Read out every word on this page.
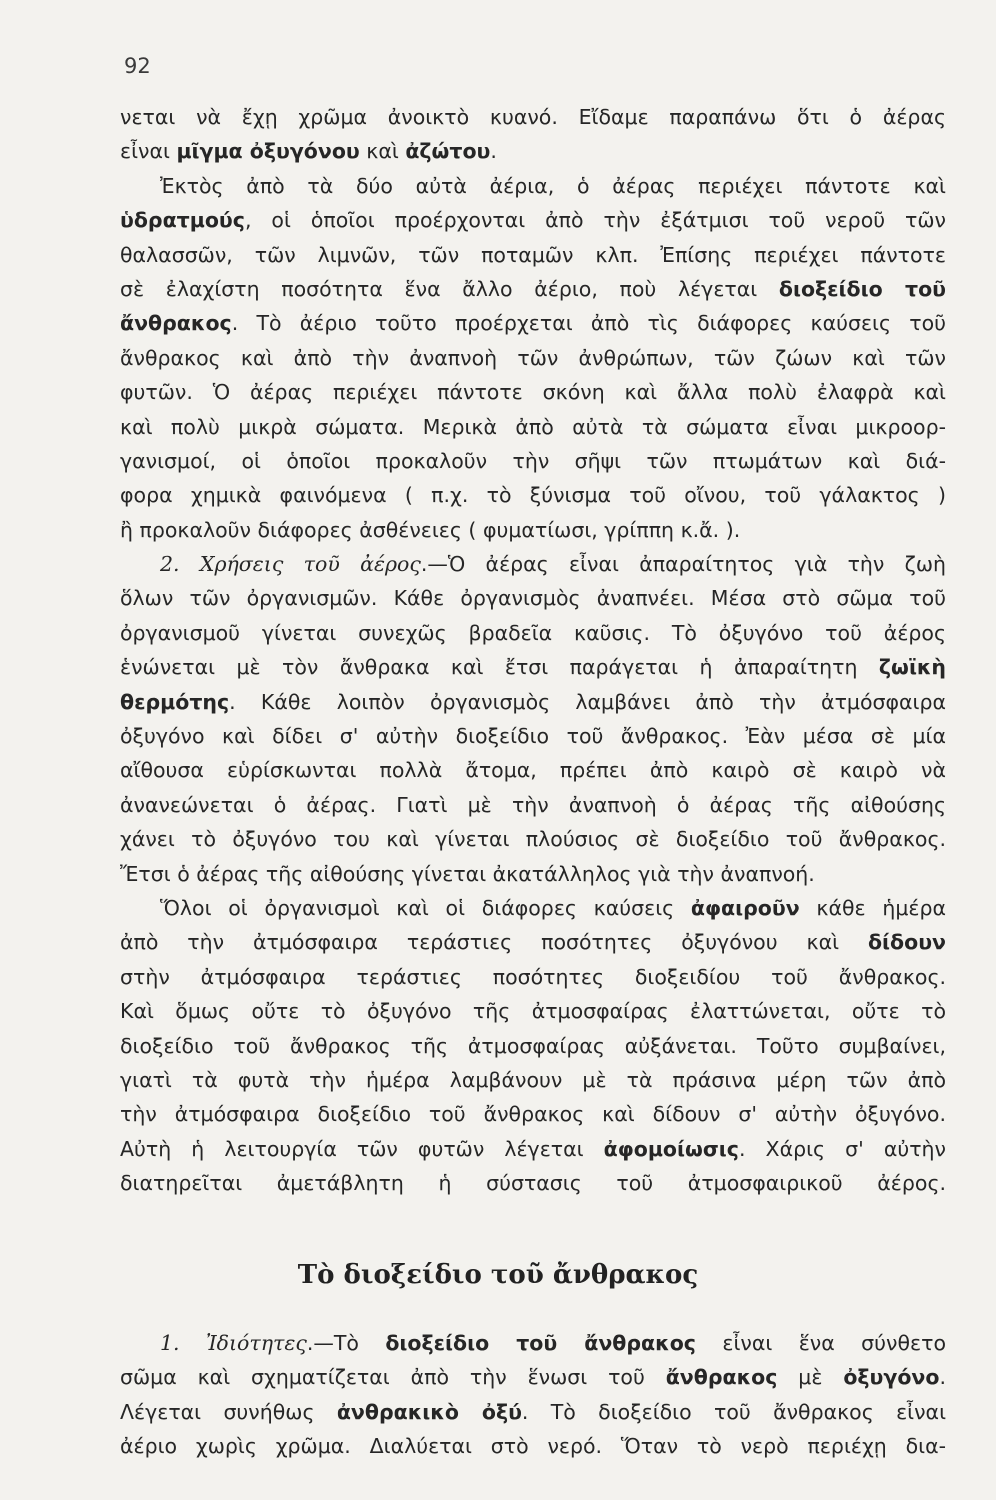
92
νεται νὰ ἔχῃ χρῶμα ἀνοικτὸ κυανό. Εἴδαμε παραπάνω ὅτι ὁ ἀέρας
εἶναι μῖγμα ὀξυγόνου καὶ ἀζώτου.
Ἐκτὸς ἀπὸ τὰ δύο αὐτὰ ἀέρια, ὁ ἀέρας περιέχει πάντοτε καὶ
ὑδρατμούς, οἱ ὁποῖοι προέρχονται ἀπὸ τὴν ἐξάτμισι τοῦ νεροῦ τῶν
θαλασσῶν, τῶν λιμνῶν, τῶν ποταμῶν κλπ. Ἐπίσης περιέχει πάντοτε
σὲ ἐλαχίστη ποσότητα ἕνα ἄλλο ἀέριο, ποὺ λέγεται διοξείδιο τοῦ
ἄνθρακος. Τὸ ἀέριο τοῦτο προέρχεται ἀπὸ τὶς διάφορες καύσεις τοῦ
ἄνθρακος καὶ ἀπὸ τὴν ἀναπνοὴ τῶν ἀνθρώπων, τῶν ζώων καὶ τῶν
φυτῶν. Ὁ ἀέρας περιέχει πάντοτε σκόνη καὶ ἄλλα πολὺ ἐλαφρὰ καὶ
καὶ πολὺ μικρὰ σώματα. Μερικὰ ἀπὸ αὐτὰ τὰ σώματα εἶναι μικροορ-
γανισμοί, οἱ ὁποῖοι προκαλοῦν τὴν σῆψι τῶν πτωμάτων καὶ διά-
φορα χημικὰ φαινόμενα ( π.χ. τὸ ξύνισμα τοῦ οἴνου, τοῦ γάλακτος )
ἢ προκαλοῦν διάφορες ἀσθένειες ( φυματίωσι, γρίππη κ.ἄ. ).
2. Χρήσεις τοῦ ἀέρος.—Ὁ ἀέρας εἶναι ἀπαραίτητος γιὰ τὴν ζωὴ
ὅλων τῶν ὀργανισμῶν. Κάθε ὀργανισμὸς ἀναπνέει. Μέσα στὸ σῶμα τοῦ
ὀργανισμοῦ γίνεται συνεχῶς βραδεῖα καῦσις. Τὸ ὀξυγόνο τοῦ ἀέρος
ἑνώνεται μὲ τὸν ἄνθρακα καὶ ἔτσι παράγεται ἡ ἀπαραίτητη ζωϊκὴ
θερμότης. Κάθε λοιπὸν ὀργανισμὸς λαμβάνει ἀπὸ τὴν ἀτμόσφαιρα
ὀξυγόνο καὶ δίδει σ' αὐτὴν διοξείδιο τοῦ ἄνθρακος. Ἐὰν μέσα σὲ μία
αἴθουσα εὑρίσκωνται πολλὰ ἄτομα, πρέπει ἀπὸ καιρὸ σὲ καιρὸ νὰ
ἀνανεώνεται ὁ ἀέρας. Γιατὶ μὲ τὴν ἀναπνοὴ ὁ ἀέρας τῆς αἰθούσης
χάνει τὸ ὀξυγόνο του καὶ γίνεται πλούσιος σὲ διοξείδιο τοῦ ἄνθρακος.
Ἔτσι ὁ ἀέρας τῆς αἰθούσης γίνεται ἀκατάλληλος γιὰ τὴν ἀναπνοή.
Ὅλοι οἱ ὀργανισμοὶ καὶ οἱ διάφορες καύσεις ἀφαιροῦν κάθε ἡμέρα
ἀπὸ τὴν ἀτμόσφαιρα τεράστιες ποσότητες ὀξυγόνου καὶ δίδουν
στὴν ἀτμόσφαιρα τεράστιες ποσότητες διοξειδίου τοῦ ἄνθρακος.
Καὶ ὅμως οὔτε τὸ ὀξυγόνο τῆς ἀτμοσφαίρας ἐλαττώνεται, οὔτε τὸ
διοξείδιο τοῦ ἄνθρακος τῆς ἀτμοσφαίρας αὐξάνεται. Τοῦτο συμβαίνει,
γιατὶ τὰ φυτὰ τὴν ἡμέρα λαμβάνουν μὲ τὰ πράσινα μέρη τῶν ἀπὸ
τὴν ἀτμόσφαιρα διοξείδιο τοῦ ἄνθρακος καὶ δίδουν σ' αὐτὴν ὀξυγόνο.
Αὐτὴ ἡ λειτουργία τῶν φυτῶν λέγεται ἀφομοίωσις. Χάρις σ' αὐτὴν
διατηρεῖται ἀμετάβλητη ἡ σύστασις τοῦ ἀτμοσφαιρικοῦ ἀέρος.
Τὸ διοξείδιο τοῦ ἄνθρακος
1. Ἰδιότητες.—Τὸ διοξείδιο τοῦ ἄνθρακος εἶναι ἕνα σύνθετο
σῶμα καὶ σχηματίζεται ἀπὸ τὴν ἕνωσι τοῦ ἄνθρακος μὲ ὀξυγόνο.
Λέγεται συνήθως ἀνθρακικὸ ὀξύ. Τὸ διοξείδιο τοῦ ἄνθρακος εἶναι
ἀέριο χωρὶς χρῶμα. Διαλύεται στὸ νερό. Ὅταν τὸ νερὸ περιέχῃ δια-
